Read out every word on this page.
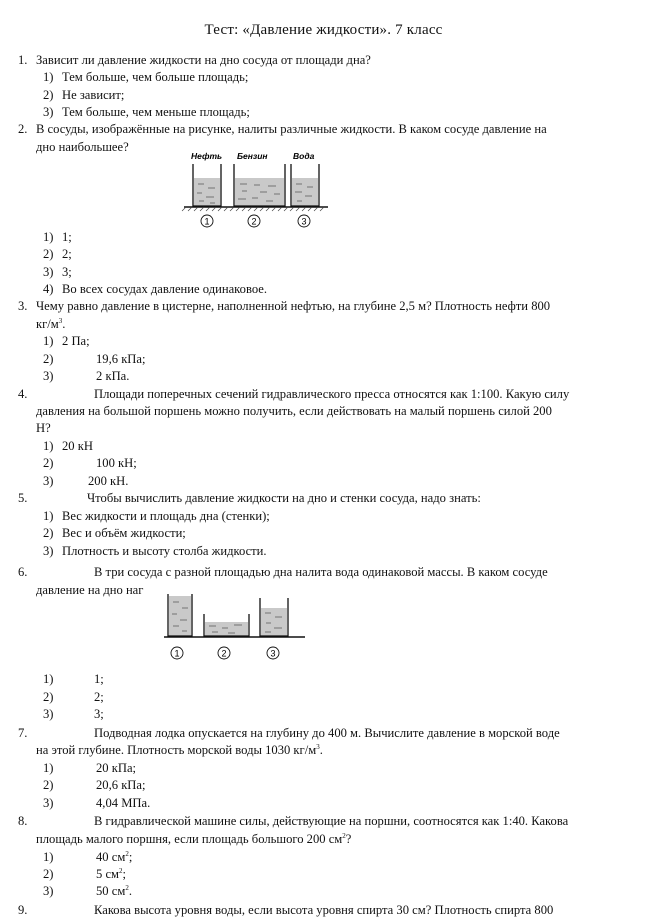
Тест: «Давление жидкости». 7 класс
1. Зависит ли давление жидкости на дно сосуда от площади дна?
1) Тем больше, чем больше площадь;
2) Не зависит;
3) Тем больше, чем меньше площадь;
2. В сосуды, изображённые на рисунке, налиты различные жидкости. В каком сосуде давление на
дно наибольшее?
Нефть Бензин	Вода
1	2	3
1) 1;
2) 2;
3) 3;
4) Во всех сосудах давление одинаковое.
3. Чему равно давление в цистерне, наполненной нефтью, на глубине 2,5 м? Плотность нефти 800
$кг/м^3$.
1) 2 Па;
2)	19,6 кПа;
3)	2 кПа.
4.	Площади поперечных сечений гидравлического пресса относятся как 1:100. Какую силу
давления на большой поршень можно получить, если действовать на малый поршень силой 200
Н?
1) 20 кН
2)	100 кН;
3)	200 кН.
5.	Чтобы вычислить давление жидкости на дно и стенки сосуда, надо знать:
1) Вес жидкости и площадь дна (стенки);
2) Вес и объём жидкости;
3) Плотность и высоту столба жидкости.
6.	В три сосуда с разной площадью дна налита вода одинаковой массы. В каком сосуде
давление на дно наг
1	2	3
1)	1;
2)	2;
3)	3;
7.	Подводная лодка опускается на глубину до 400 м. Вычислите давление в морской воде
на этой глубине. Плотность морской воды 1030 $кг/м^3$.
1)	20 кПа;
2)	20,6 кПа;
3)	4,04 МПа.
8.	В гидравлической машине силы, действующие на поршни, соотносятся как 1:40. Какова
площадь малого поршня, если площадь большого 200 $см^2$?
1)	40 $см^2$;
2)	5 $см^2$;
3)	50 $см^2$.
9.	Какова высота уровня воды, если высота уровня спирта 30 см? Плотность спирта 800
